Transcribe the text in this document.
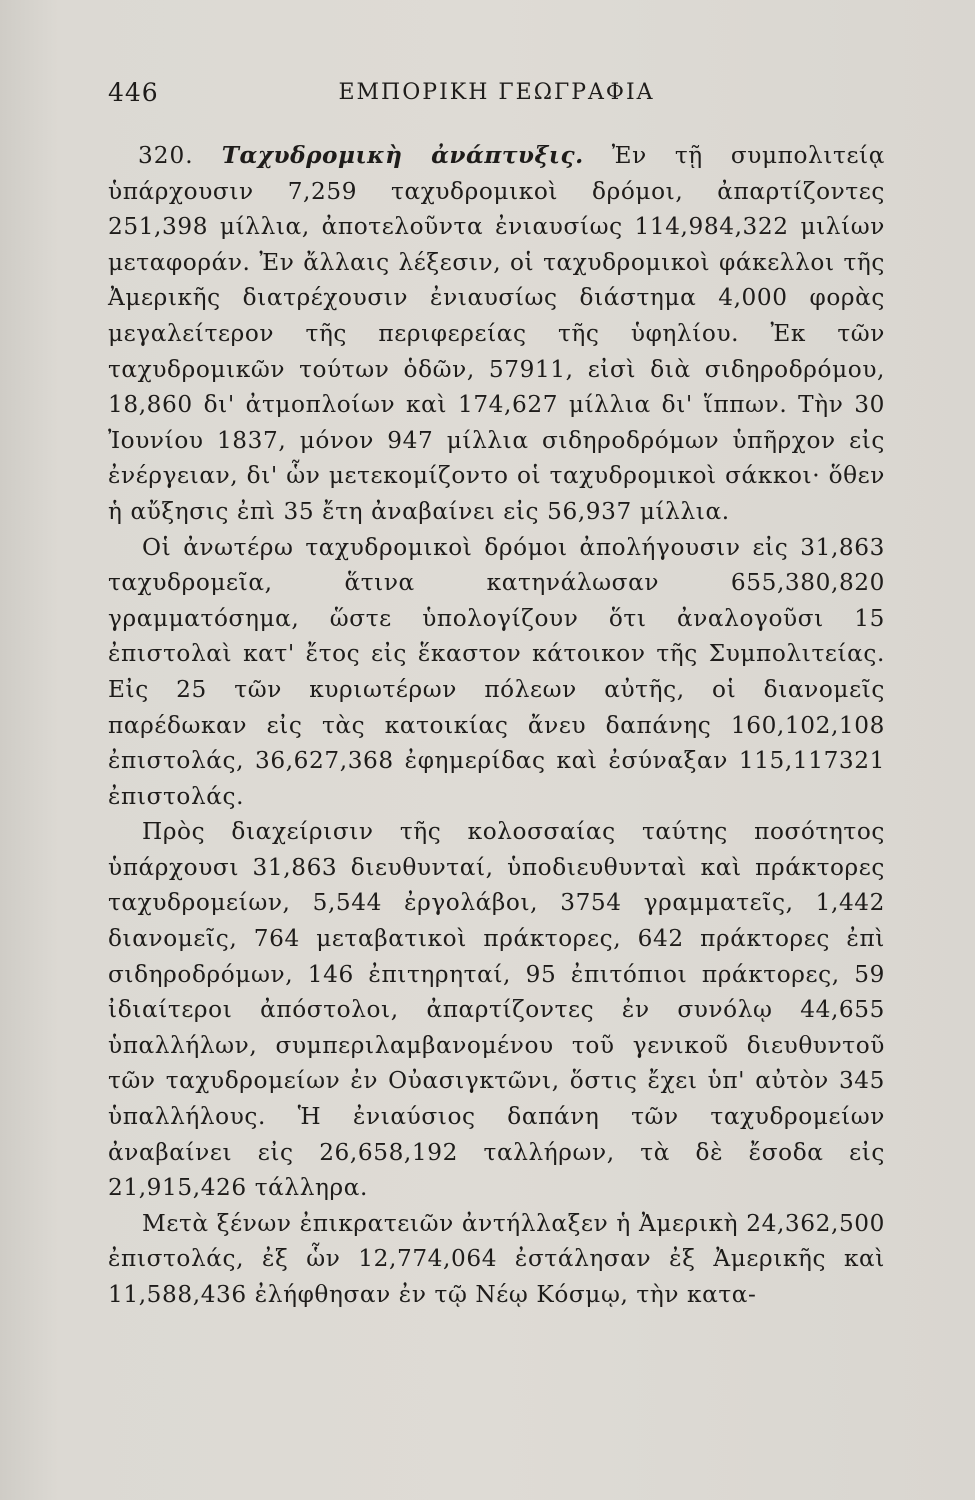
446	ΕΜΠΟΡΙΚΗ ΓΕΩΓΡΑΦΙΑ

320. Ταχυδρομικὴ ἀνάπτυξις. Ἐν τῇ συμπολιτείᾳ ὑπάρχουσιν 7,259 ταχυδρομικοὶ δρόμοι, ἀπαρτίζοντες 251,398 μίλλια, ἀποτελοῦντα ἐνιαυσίως 114,984,322 μιλίων μεταφοράν. Ἐν ἄλλαις λέξεσιν, οἱ ταχυδρομικοὶ φάκελλοι τῆς Ἀμερικῆς διατρέχουσιν ἐνιαυσίως διάστημα 4,000 φορὰς μεγαλείτερον τῆς περιφερείας τῆς ὑφηλίου. Ἐκ τῶν ταχυδρομικῶν τούτων ὁδῶν, 57911, εἰσὶ διὰ σιδηροδρόμου, 18,860 δι' ἀτμοπλοίων καὶ 174,627 μίλλια δι' ἵππων. Τὴν 30 Ἰουνίου 1837, μόνον 947 μίλλια σιδηροδρόμων ὑπῆρχον εἰς ἐνέργειαν, δι' ὧν μετεκομίζοντο οἱ ταχυδρομικοὶ σάκκοι· ὅθεν ἡ αὔξησις ἐπὶ 35 ἔτη ἀναβαίνει εἰς 56,937 μίλλια.

Οἱ ἀνωτέρω ταχυδρομικοὶ δρόμοι ἀπολήγουσιν εἰς 31,863 ταχυδρομεῖα, ἅτινα κατηνάλωσαν 655,380,820 γραμματόσημα, ὥστε ὑπολογίζουν ὅτι ἀναλογοῦσι 15 ἐπιστολαὶ κατ' ἔτος εἰς ἕκαστον κάτοικον τῆς Συμπολιτείας. Εἰς 25 τῶν κυριωτέρων πόλεων αὐτῆς, οἱ διανομεῖς παρέδωκαν εἰς τὰς κατοικίας ἄνευ δαπάνης 160,102,108 ἐπιστολάς, 36,627,368 ἐφημερίδας καὶ ἐσύναξαν 115,117321 ἐπιστολάς.

Πρὸς διαχείρισιν τῆς κολοσσαίας ταύτης ποσότητος ὑπάρχουσι 31,863 διευθυνταί, ὑποδιευθυνταὶ καὶ πράκτορες ταχυδρομείων, 5,544 ἐργολάβοι, 3754 γραμματεῖς, 1,442 διανομεῖς, 764 μεταβατικοὶ πράκτορες, 642 πράκτορες ἐπὶ σιδηροδρόμων, 146 ἐπιτηρηταί, 95 ἐπιτόπιοι πράκτορες, 59 ἰδιαίτεροι ἀπόστολοι, ἀπαρτίζοντες ἐν συνόλῳ 44,655 ὑπαλλήλων, συμπεριλαμβανομένου τοῦ γενικοῦ διευθυντοῦ τῶν ταχυδρομείων ἐν Οὐασιγκτῶνι, ὅστις ἔχει ὑπ' αὐτὸν 345 ὑπαλλήλους. Ἡ ἐνιαύσιος δαπάνη τῶν ταχυδρομείων ἀναβαίνει εἰς 26,658,192 ταλλήρων, τὰ δὲ ἔσοδα εἰς 21,915,426 τάλληρα.

Μετὰ ξένων ἐπικρατειῶν ἀντήλλαξεν ἡ Ἀμερικὴ 24,362,500 ἐπιστολάς, ἐξ ὧν 12,774,064 ἐστάλησαν ἐξ Ἀμερικῆς καὶ 11,588,436 ἐλήφθησαν ἐν τῷ Νέῳ Κόσμῳ, τὴν κατα-
